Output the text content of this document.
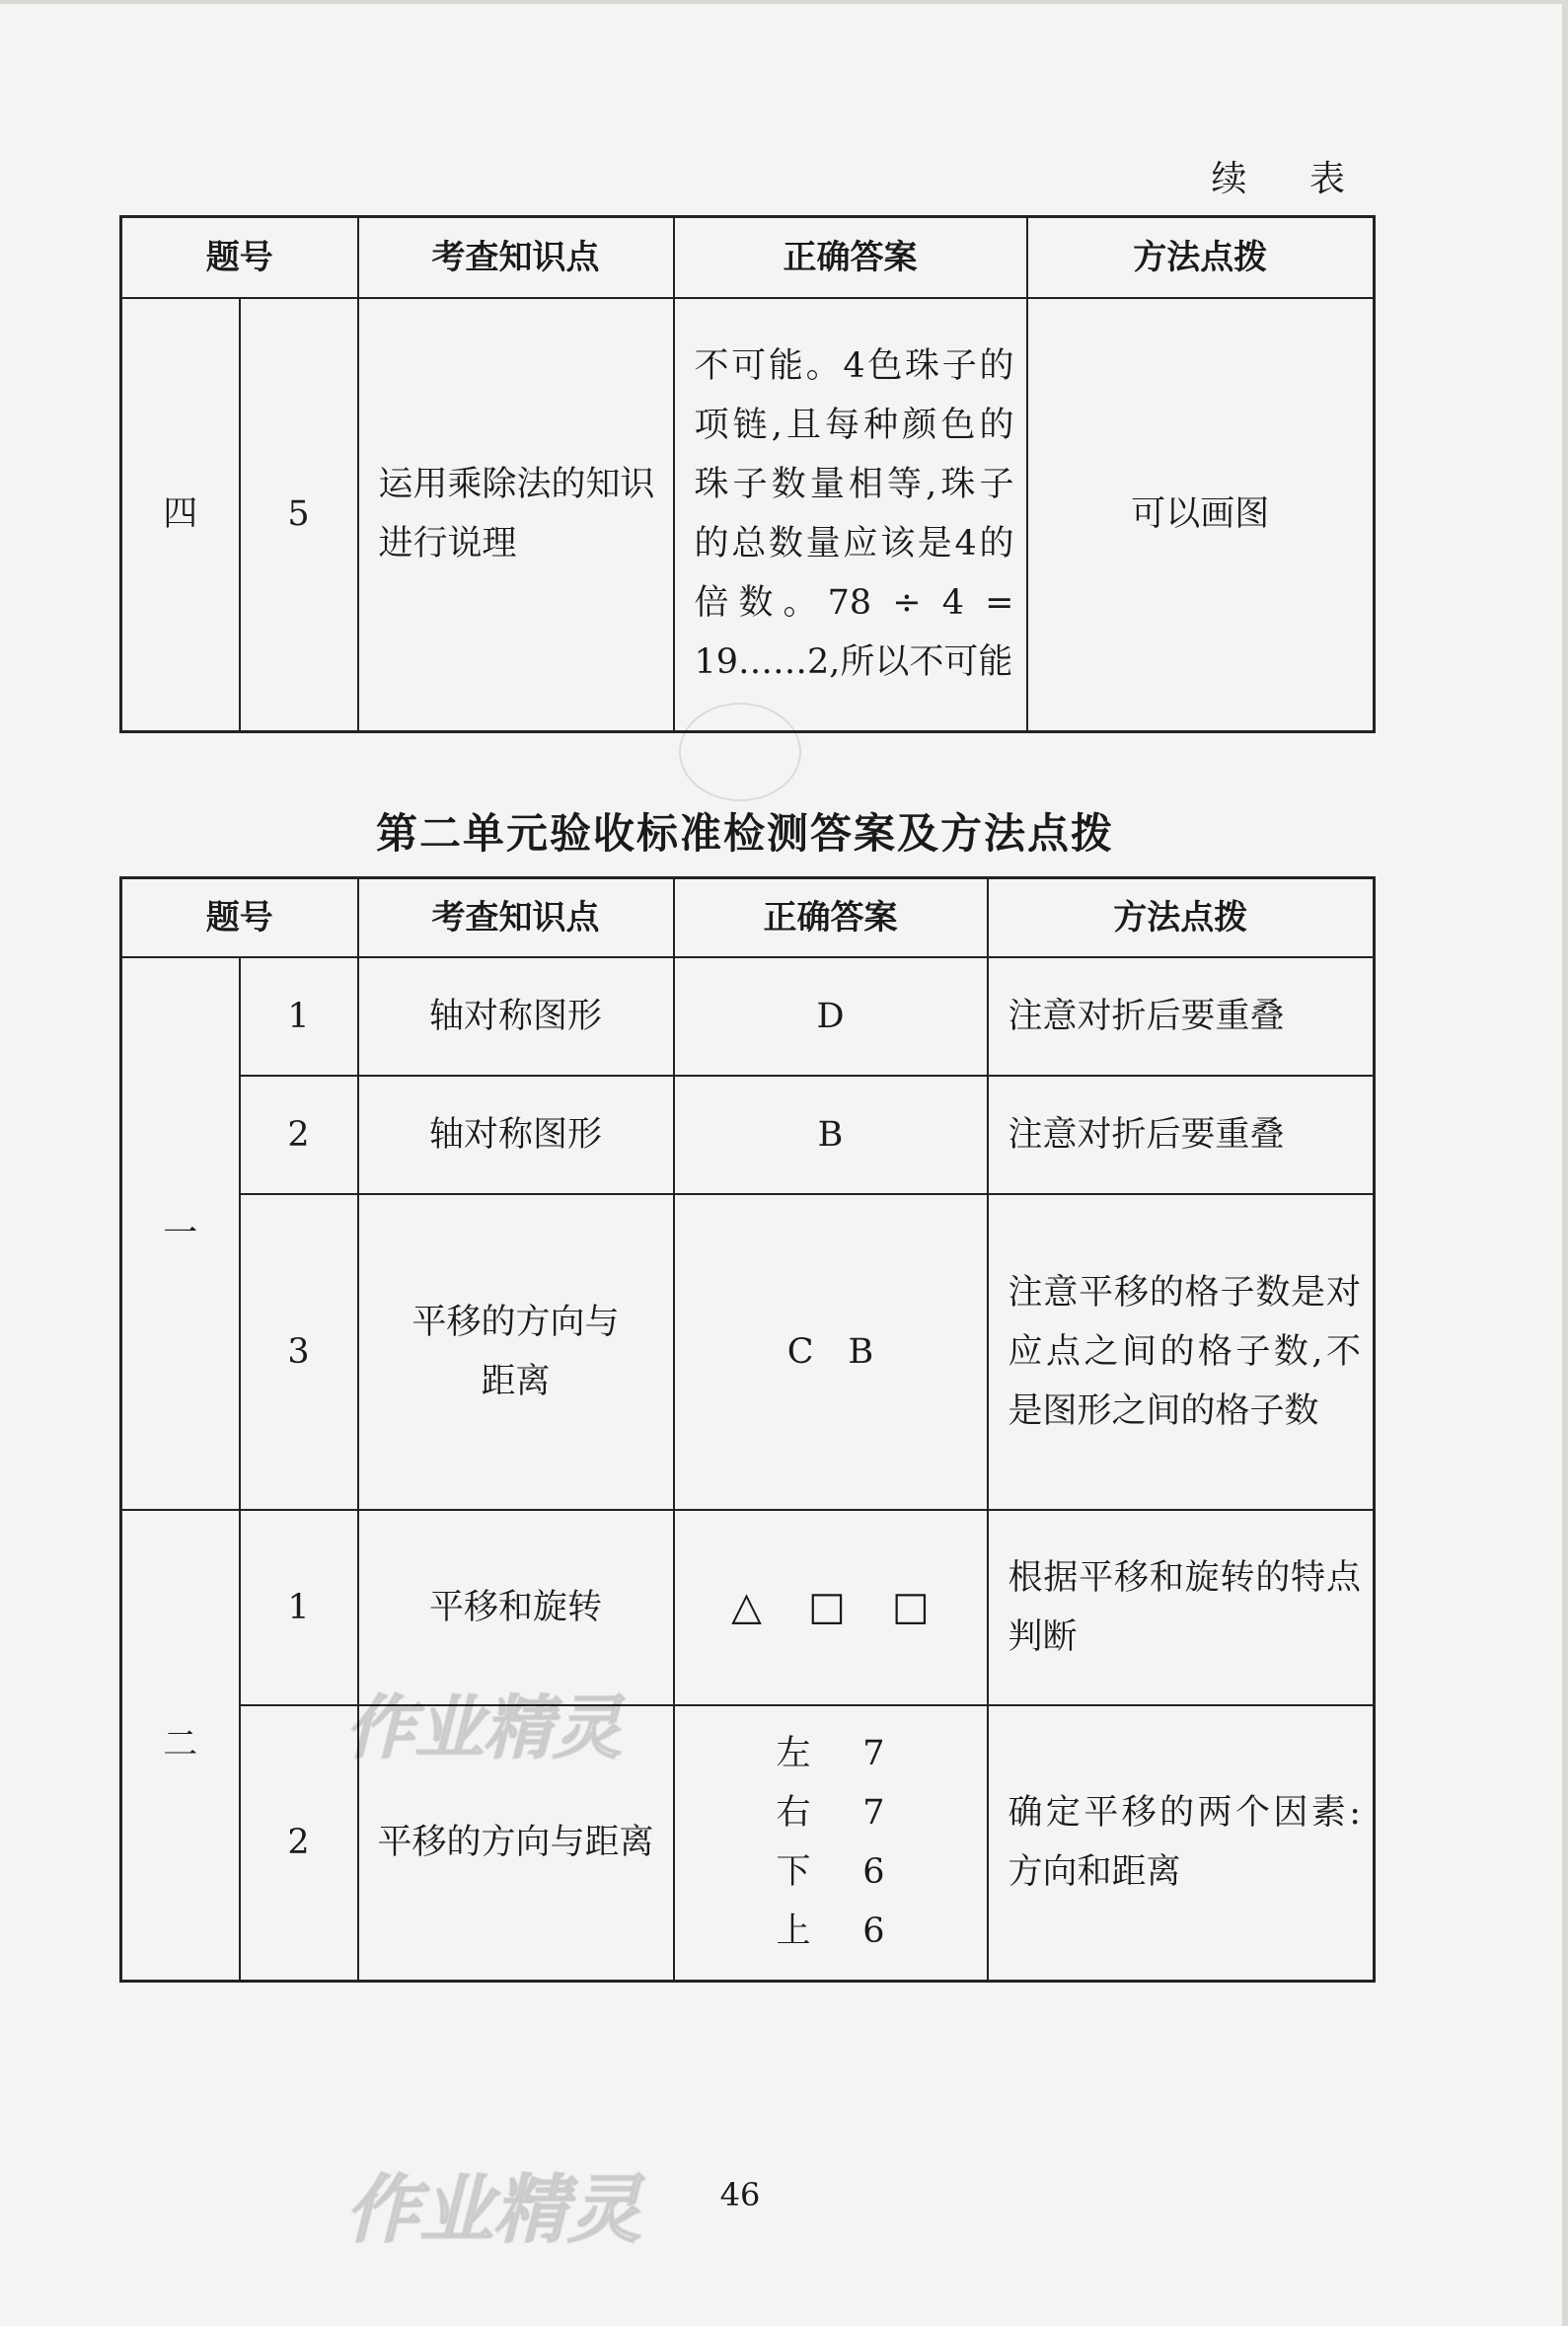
续 表
题号		考查知识点	正确答案	方法点拨
四	5	运用乘除法的知识进行说理	不可能。4色珠子的项链,且每种颜色的珠子数量相等,珠子的总数量应该是4的倍数。78 ÷ 4 = 19……2,所以不可能	可以画图
第二单元验收标准检测答案及方法点拨
题号		考查知识点	正确答案	方法点拨
一	1	轴对称图形	D	注意对折后要重叠
	2	轴对称图形	B	注意对折后要重叠
	3	平移的方向与距离	C　B	注意平移的格子数是对应点之间的格子数,不是图形之间的格子数
二	1	平移和旋转	△ □ □	根据平移和旋转的特点判断
	2	平移的方向与距离	左 7
右 7
下 6
上 6	确定平移的两个因素:方向和距离
作业精灵
作业精灵	46
